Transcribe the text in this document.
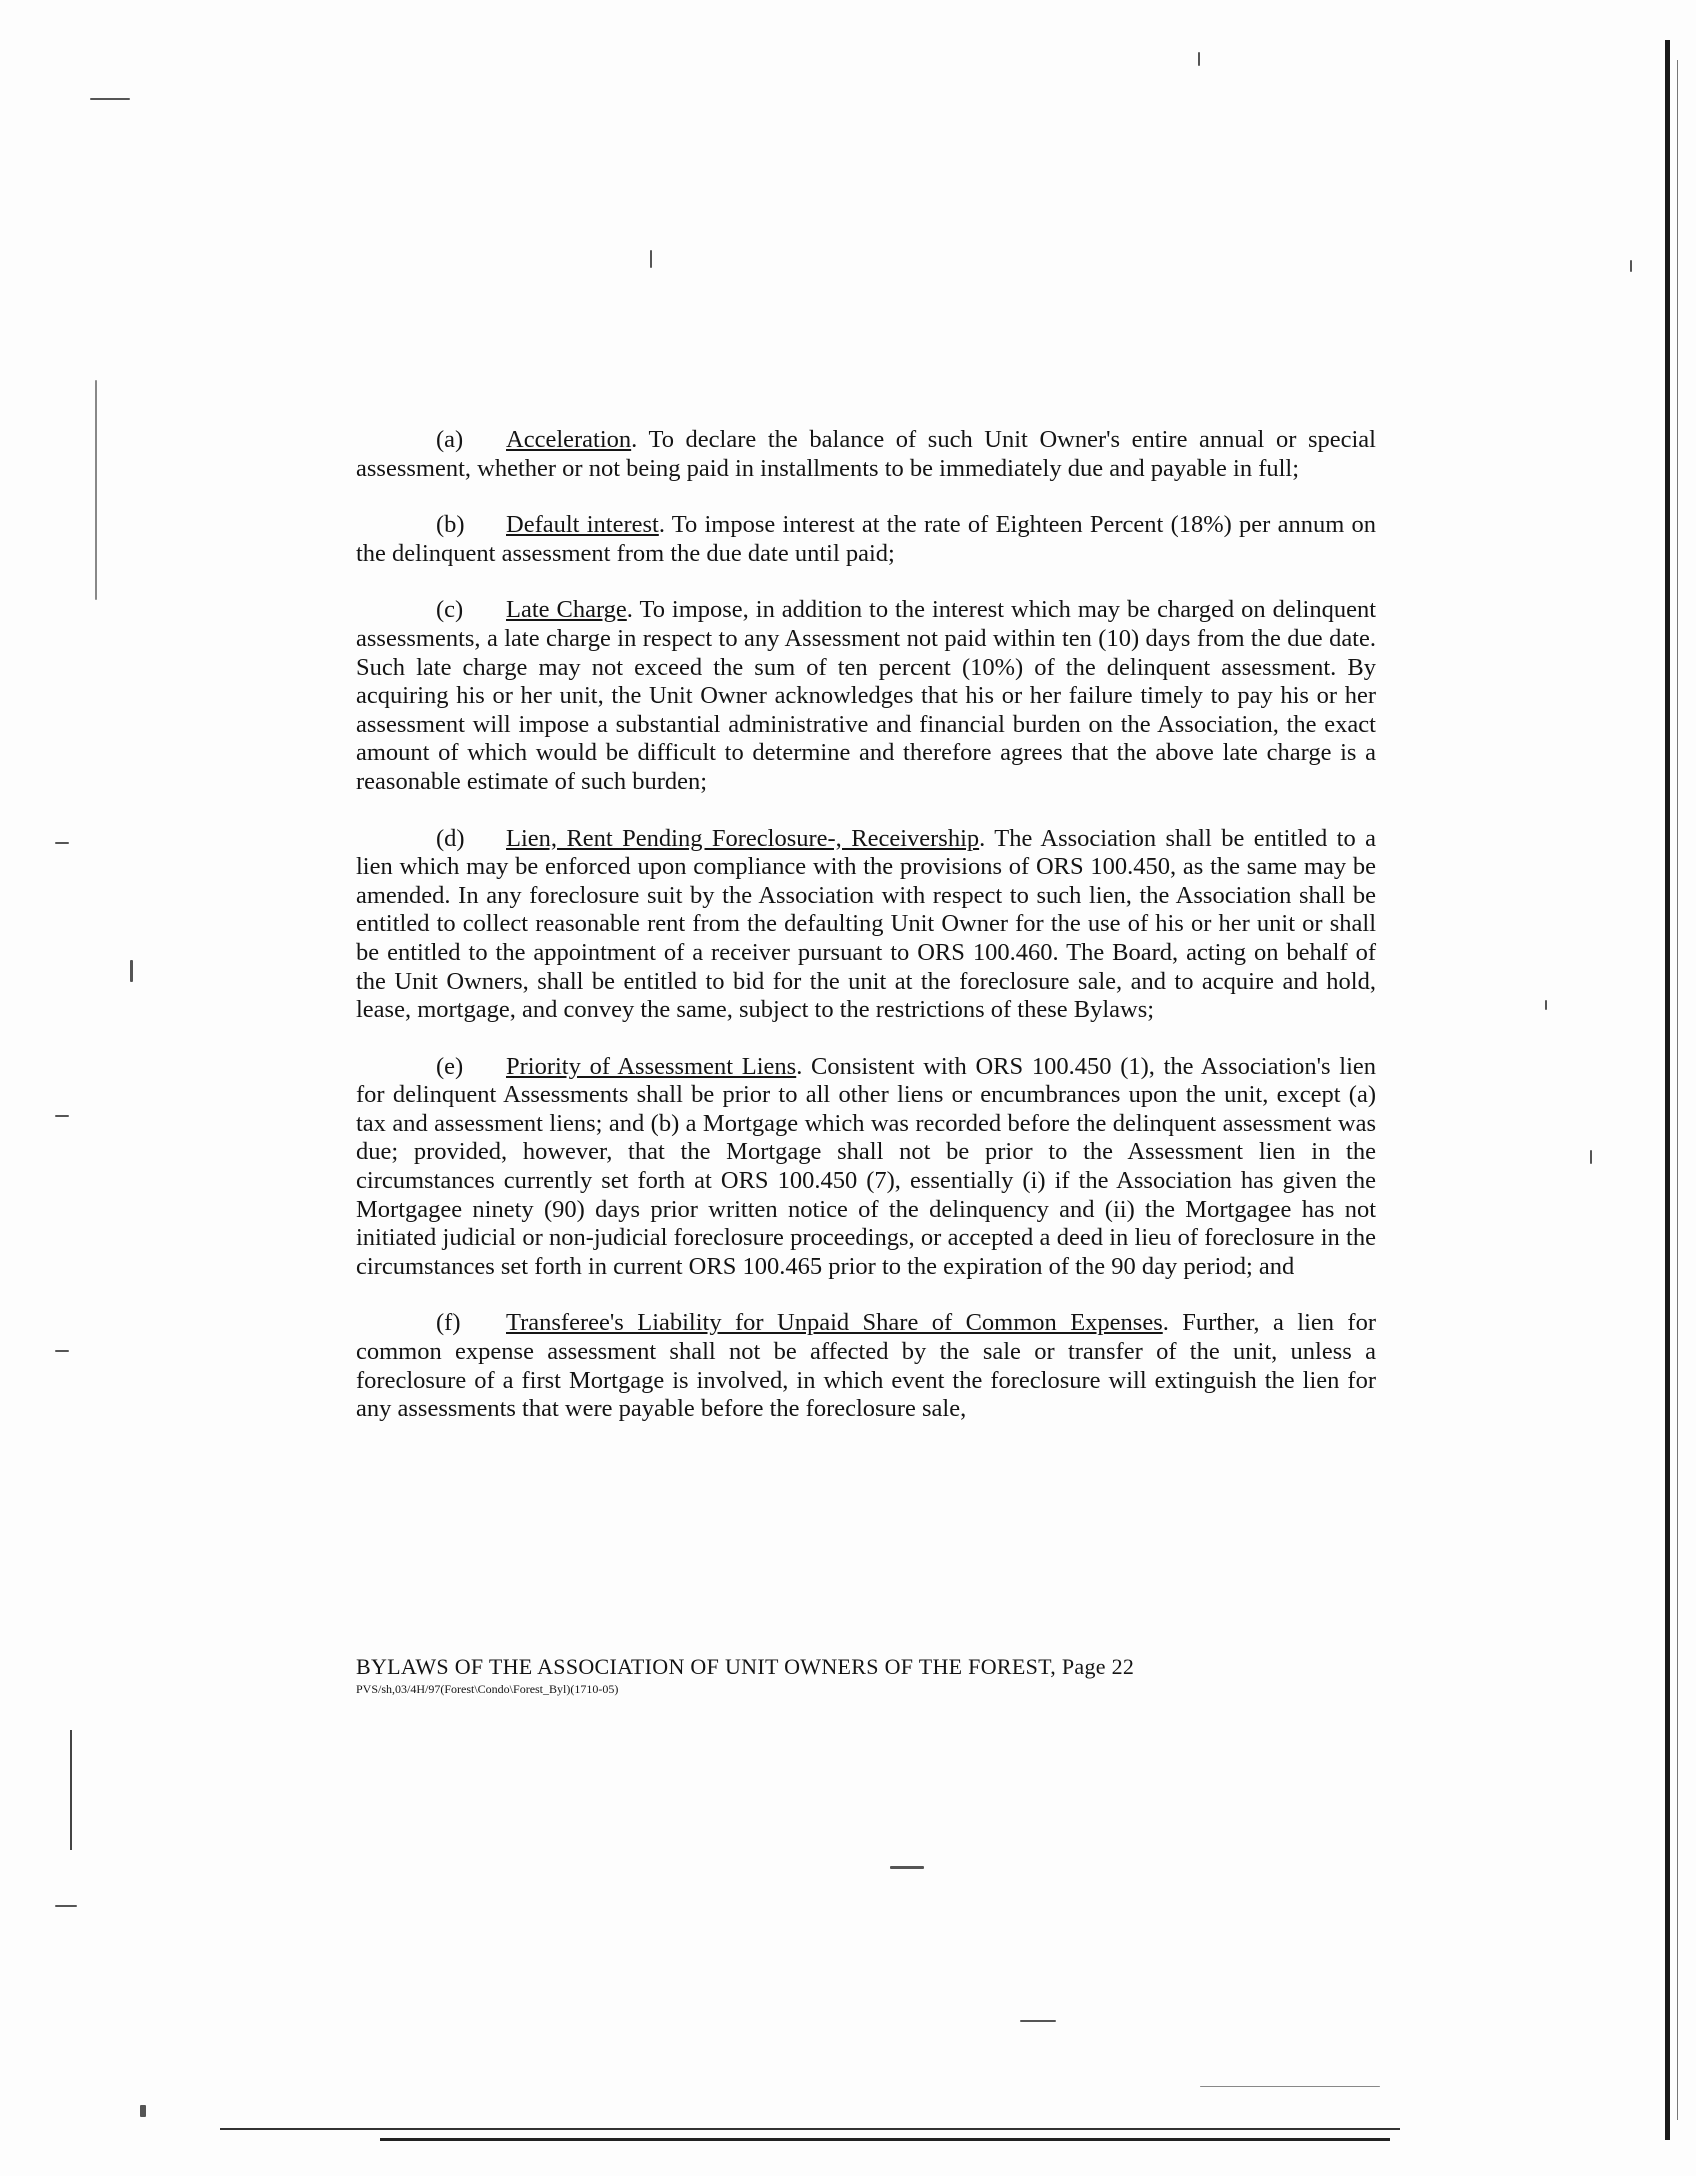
(a) Acceleration. To declare the balance of such Unit Owner's entire annual or special assessment, whether or not being paid in installments to be immediately due and payable in full;

(b) Default interest. To impose interest at the rate of Eighteen Percent (18%) per annum on the delinquent assessment from the due date until paid;

(c) Late Charge. To impose, in addition to the interest which may be charged on delinquent assessments, a late charge in respect to any Assessment not paid within ten (10) days from the due date. Such late charge may not exceed the sum of ten percent (10%) of the delinquent assessment. By acquiring his or her unit, the Unit Owner acknowledges that his or her failure timely to pay his or her assessment will impose a substantial administrative and financial burden on the Association, the exact amount of which would be difficult to determine and therefore agrees that the above late charge is a reasonable estimate of such burden;

(d) Lien, Rent Pending Foreclosure-, Receivership. The Association shall be entitled to a lien which may be enforced upon compliance with the provisions of ORS 100.450, as the same may be amended. In any foreclosure suit by the Association with respect to such lien, the Association shall be entitled to collect reasonable rent from the defaulting Unit Owner for the use of his or her unit or shall be entitled to the appointment of a receiver pursuant to ORS 100.460. The Board, acting on behalf of the Unit Owners, shall be entitled to bid for the unit at the foreclosure sale, and to acquire and hold, lease, mortgage, and convey the same, subject to the restrictions of these Bylaws;

(e) Priority of Assessment Liens. Consistent with ORS 100.450 (1), the Association's lien for delinquent Assessments shall be prior to all other liens or encumbrances upon the unit, except (a) tax and assessment liens; and (b) a Mortgage which was recorded before the delinquent assessment was due; provided, however, that the Mortgage shall not be prior to the Assessment lien in the circumstances currently set forth at ORS 100.450 (7), essentially (i) if the Association has given the Mortgagee ninety (90) days prior written notice of the delinquency and (ii) the Mortgagee has not initiated judicial or non-judicial foreclosure proceedings, or accepted a deed in lieu of foreclosure in the circumstances set forth in current ORS 100.465 prior to the expiration of the 90 day period; and

(f) Transferee's Liability for Unpaid Share of Common Expenses. Further, a lien for common expense assessment shall not be affected by the sale or transfer of the unit, unless a foreclosure of a first Mortgage is involved, in which event the foreclosure will extinguish the lien for any assessments that were payable before the foreclosure sale,

BYLAWS OF THE ASSOCIATION OF UNIT OWNERS OF THE FOREST, Page 22
PVS/sh,03/4H/97(Forest\Condo\Forest_Byl)(1710-05)
